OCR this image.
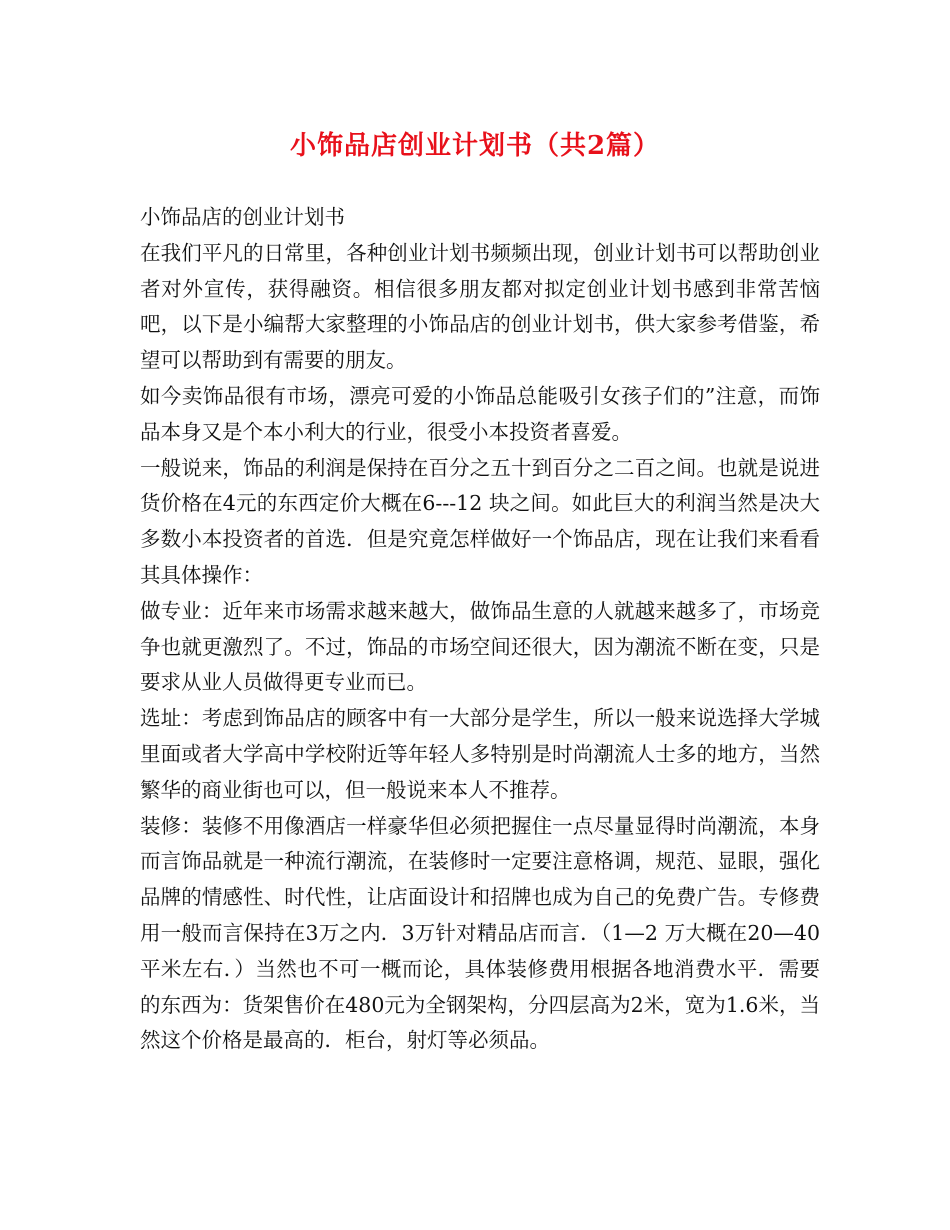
小饰品店创业计划书（共2篇）

小饰品店的创业计划书

在我们平凡的日常里，各种创业计划书频频出现，创业计划书可以帮助创业者对外宣传，获得融资。相信很多朋友都对拟定创业计划书感到非常苦恼吧，以下是小编帮大家整理的小饰品店的创业计划书，供大家参考借鉴，希望可以帮助到有需要的朋友。

如今卖饰品很有市场，漂亮可爱的小饰品总能吸引女孩子们的”注意，而饰品本身又是个本小利大的行业，很受小本投资者喜爱。

一般说来，饰品的利润是保持在百分之五十到百分之二百之间。也就是说进货价格在4元的东西定价大概在6---12 块之间。如此巨大的利润当然是决大多数小本投资者的首选．但是究竟怎样做好一个饰品店，现在让我们来看看其具体操作：

做专业：近年来市场需求越来越大，做饰品生意的人就越来越多了，市场竞争也就更激烈了。不过，饰品的市场空间还很大，因为潮流不断在变，只是要求从业人员做得更专业而已。

选址：考虑到饰品店的顾客中有一大部分是学生，所以一般来说选择大学城里面或者大学高中学校附近等年轻人多特别是时尚潮流人士多的地方，当然繁华的商业街也可以，但一般说来本人不推荐。

装修：装修不用像酒店一样豪华但必须把握住一点尽量显得时尚潮流，本身而言饰品就是一种流行潮流，在装修时一定要注意格调，规范、显眼，强化品牌的情感性、时代性，让店面设计和招牌也成为自己的免费广告。专修费用一般而言保持在3万之内．3万针对精品店而言．（1—2 万大概在20—40平米左右．）当然也不可一概而论，具体装修费用根据各地消费水平．需要的东西为：货架售价在480元为全钢架构，分四层高为2米，宽为1.6米，当然这个价格是最高的．柜台，射灯等必须品。
